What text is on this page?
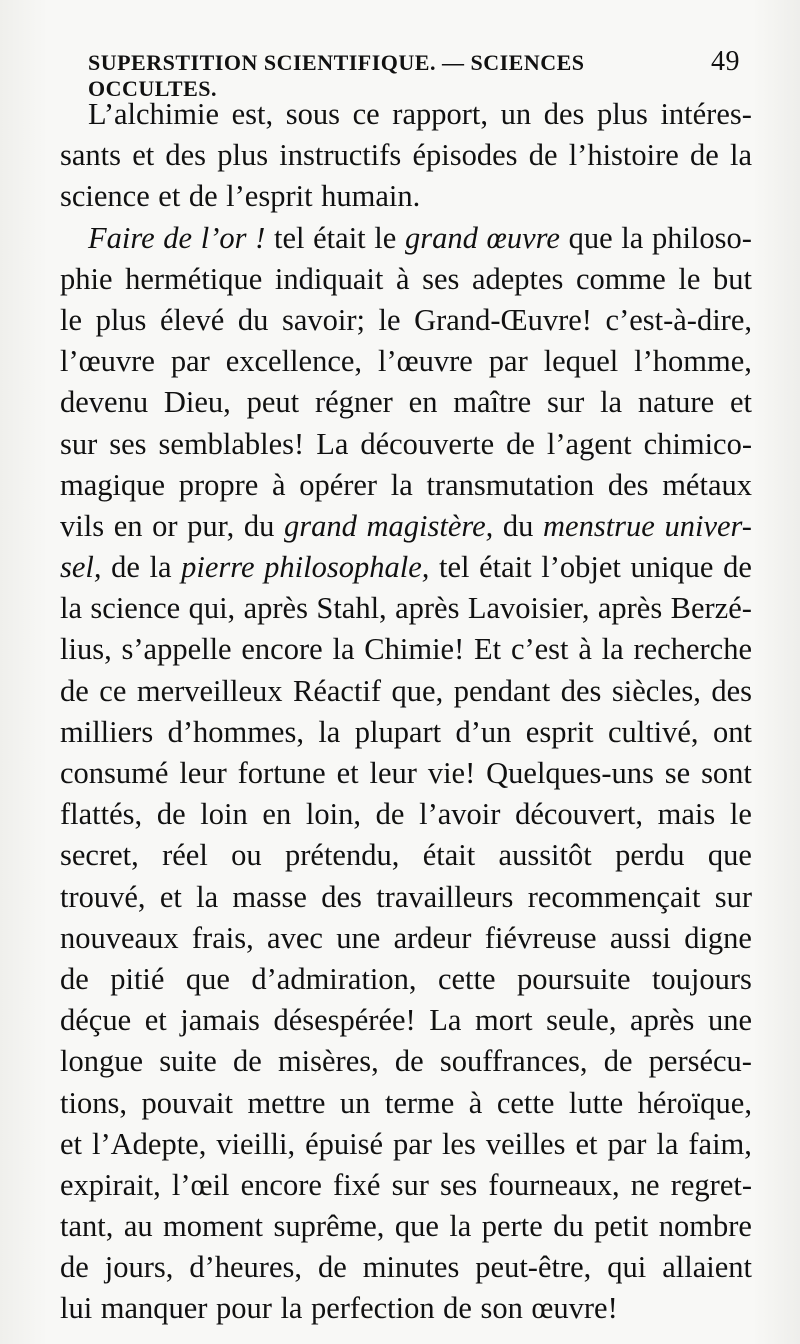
SUPERSTITION SCIENTIFIQUE. — SCIENCES OCCULTES.
49
L’alchimie est, sous ce rapport, un des plus intéres-
sants et des plus instructifs épisodes de l’histoire de la
science et de l’esprit humain.
Faire de l’or ! tel était le grand œuvre que la philoso-
phie hermétique indiquait à ses adeptes comme le but
le plus élevé du savoir; le Grand-Œuvre! c’est-à-dire,
l’œuvre par excellence, l’œuvre par lequel l’homme,
devenu Dieu, peut régner en maître sur la nature et
sur ses semblables! La découverte de l’agent chimico-
magique propre à opérer la transmutation des métaux
vils en or pur, du grand magistère, du menstrue univer-
sel, de la pierre philosophale, tel était l’objet unique de
la science qui, après Stahl, après Lavoisier, après Berzé-
lius, s’appelle encore la Chimie! Et c’est à la recherche
de ce merveilleux Réactif que, pendant des siècles, des
milliers d’hommes, la plupart d’un esprit cultivé, ont
consumé leur fortune et leur vie! Quelques-uns se sont
flattés, de loin en loin, de l’avoir découvert, mais le
secret, réel ou prétendu, était aussitôt perdu que
trouvé, et la masse des travailleurs recommençait sur
nouveaux frais, avec une ardeur fiévreuse aussi digne
de pitié que d’admiration, cette poursuite toujours
déçue et jamais désespérée! La mort seule, après une
longue suite de misères, de souffrances, de persécu-
tions, pouvait mettre un terme à cette lutte héroïque,
et l’Adepte, vieilli, épuisé par les veilles et par la faim,
expirait, l’œil encore fixé sur ses fourneaux, ne regret-
tant, au moment suprême, que la perte du petit nombre
de jours, d’heures, de minutes peut-être, qui allaient
lui manquer pour la perfection de son œuvre!
